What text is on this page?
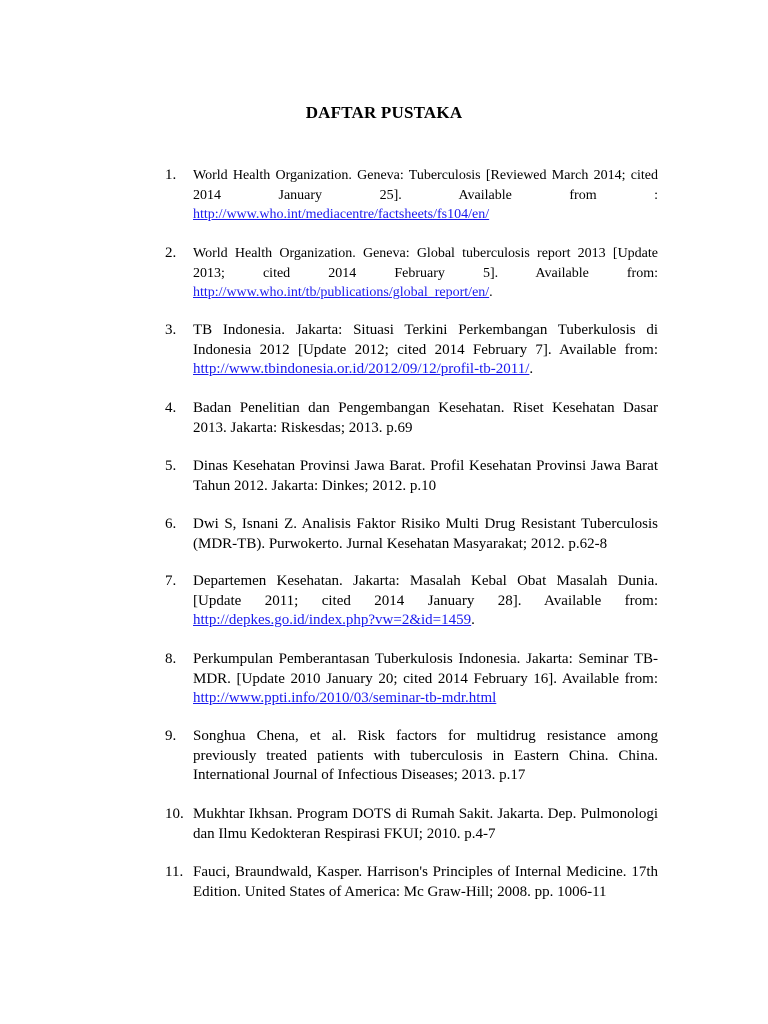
DAFTAR PUSTAKA
1.	World Health Organization. Geneva: Tuberculosis [Reviewed March 2014; cited 2014 January 25]. Available from : http://www.who.int/mediacentre/factsheets/fs104/en/
2.	World Health Organization. Geneva: Global tuberculosis report 2013 [Update 2013; cited 2014 February 5]. Available from: http://www.who.int/tb/publications/global_report/en/.
3.	TB Indonesia. Jakarta: Situasi Terkini Perkembangan Tuberkulosis di Indonesia 2012 [Update 2012; cited 2014 February 7]. Available from: http://www.tbindonesia.or.id/2012/09/12/profil-tb-2011/.
4.	Badan Penelitian dan Pengembangan Kesehatan. Riset Kesehatan Dasar 2013. Jakarta: Riskesdas; 2013. p.69
5.	Dinas Kesehatan Provinsi Jawa Barat. Profil Kesehatan Provinsi Jawa Barat Tahun 2012. Jakarta: Dinkes; 2012. p.10
6.	Dwi S, Isnani Z. Analisis Faktor Risiko Multi Drug Resistant Tuberculosis (MDR-TB). Purwokerto. Jurnal Kesehatan Masyarakat; 2012. p.62-8
7.	Departemen Kesehatan. Jakarta: Masalah Kebal Obat Masalah Dunia. [Update 2011; cited 2014 January 28]. Available from: http://depkes.go.id/index.php?vw=2&id=1459.
8.	Perkumpulan Pemberantasan Tuberkulosis Indonesia. Jakarta: Seminar TB-MDR. [Update 2010 January 20; cited 2014 February 16]. Available from: http://www.ppti.info/2010/03/seminar-tb-mdr.html
9.	Songhua Chena, et al. Risk factors for multidrug resistance among previously treated patients with tuberculosis in Eastern China. China. International Journal of Infectious Diseases; 2013. p.17
10. Mukhtar Ikhsan. Program DOTS di Rumah Sakit. Jakarta. Dep. Pulmonologi dan Ilmu Kedokteran Respirasi FKUI; 2010. p.4-7
11. Fauci, Braundwald, Kasper. Harrison's Principles of Internal Medicine. 17th Edition. United States of America: Mc Graw-Hill; 2008. pp. 1006-11
